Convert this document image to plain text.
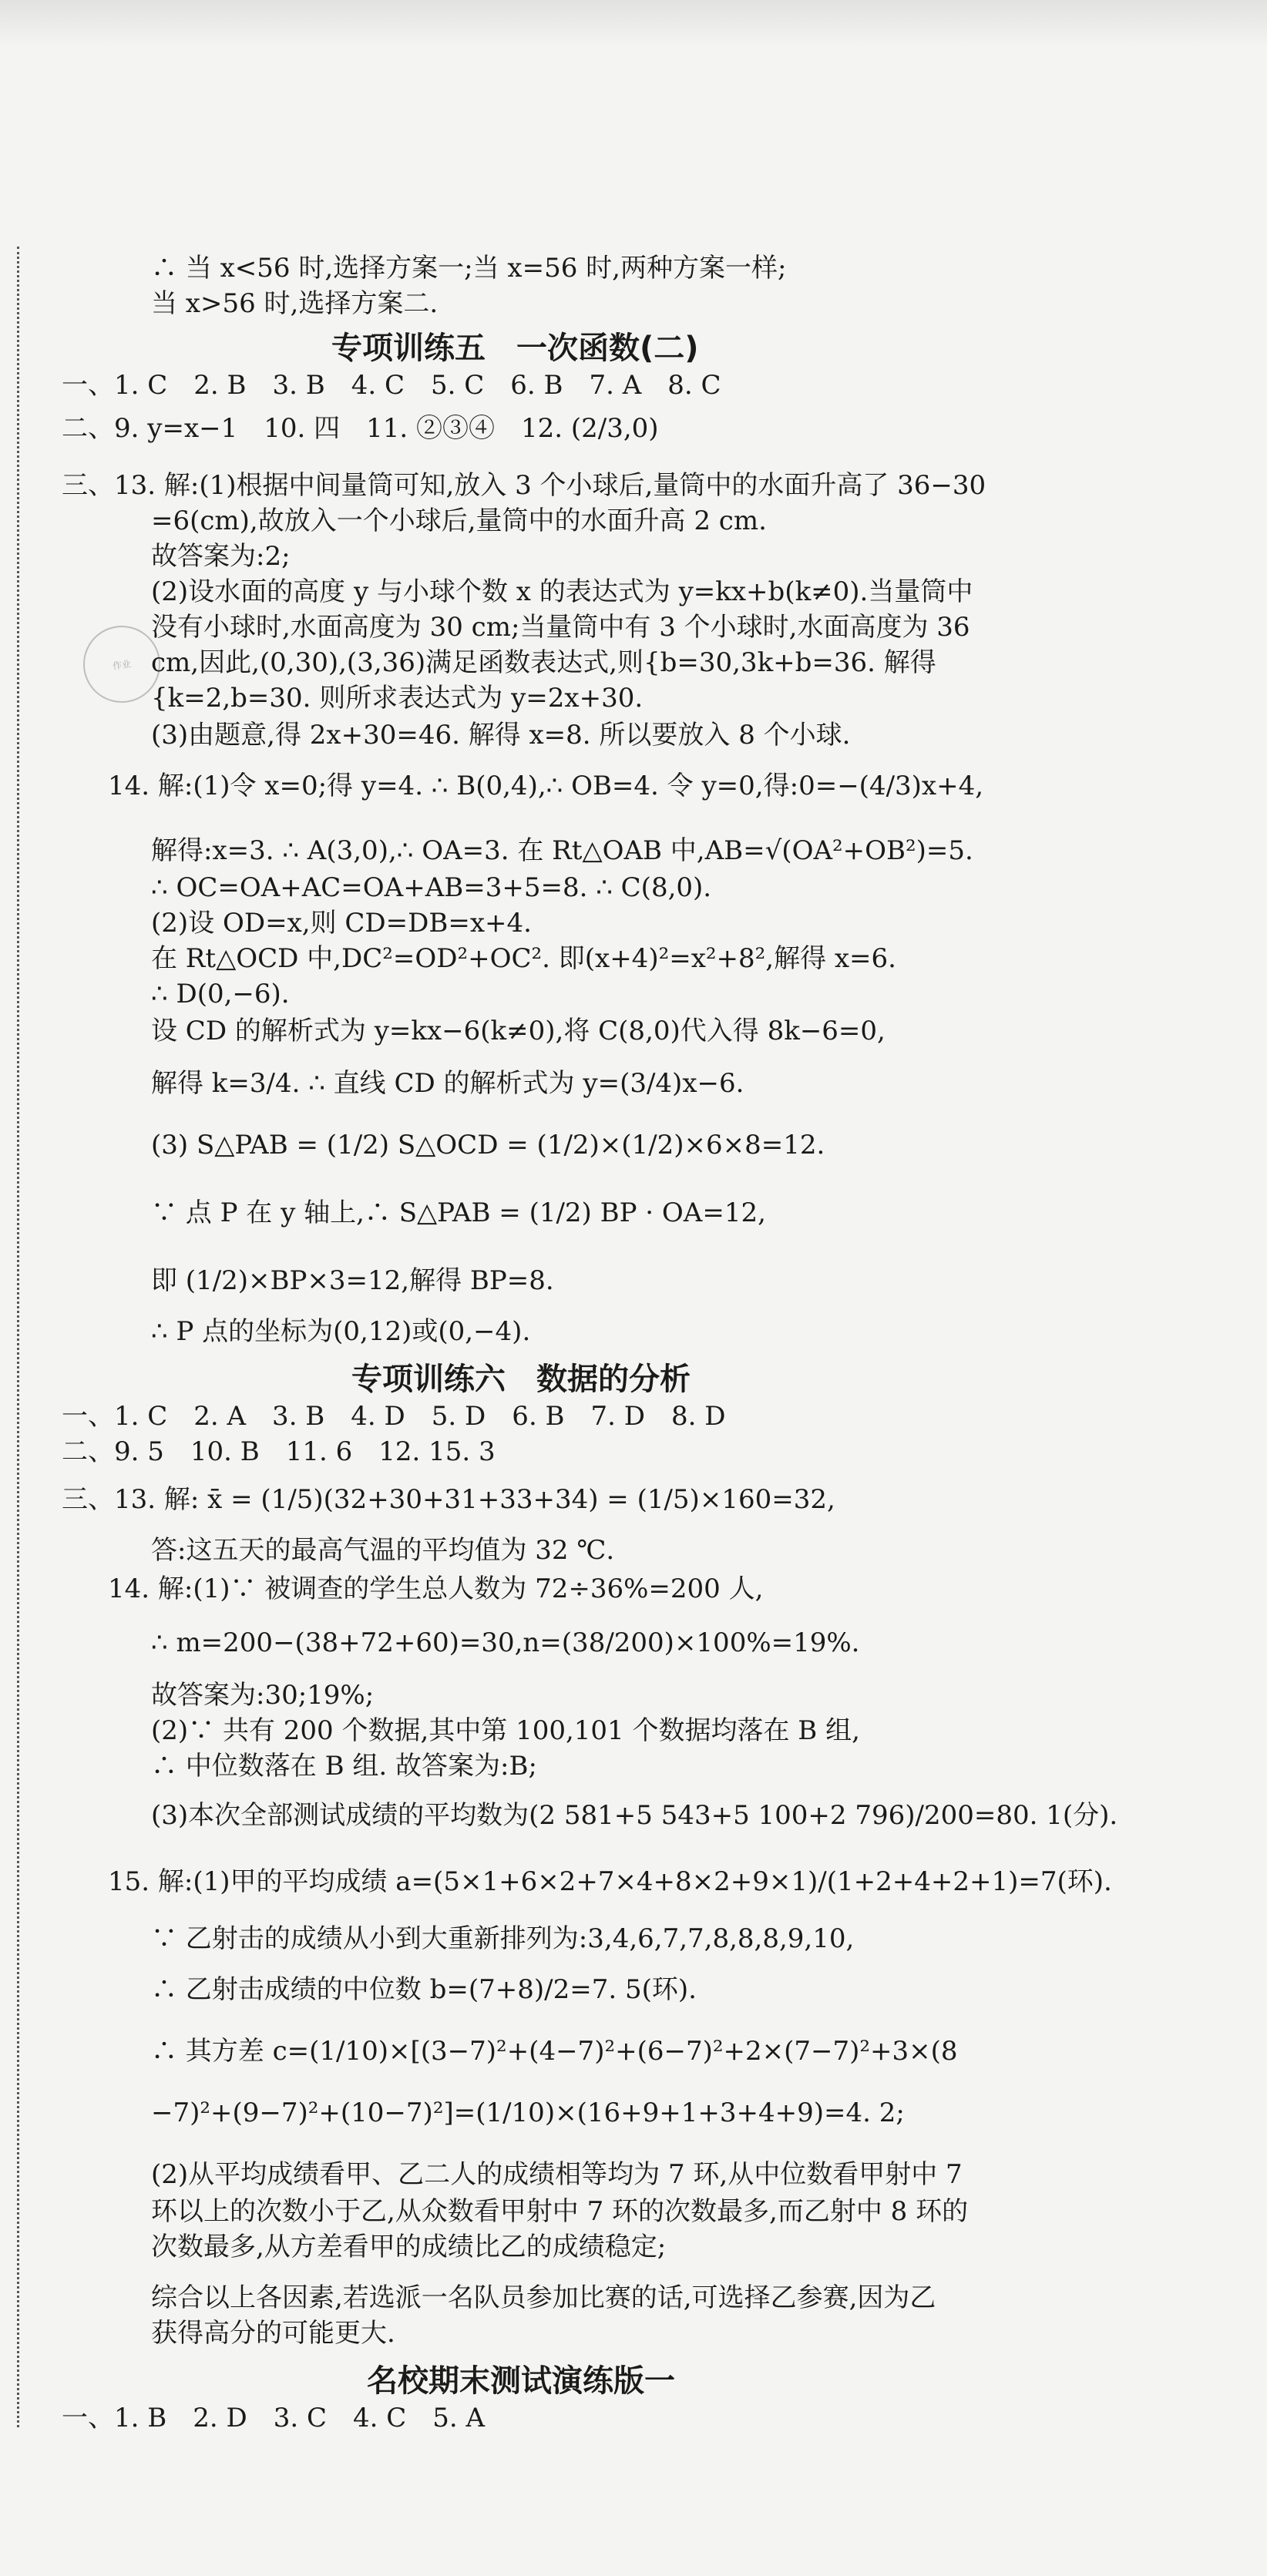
作业
∴ 当 x<56 时,选择方案一;当 x=56 时,两种方案一样;
当 x>56 时,选择方案二.
专项训练五　一次函数(二)
一、1. C　2. B　3. B　4. C　5. C　6. B　7. A　8. C
二、9. y=x−1　10. 四　11. ②③④　12. (2/3,0)
三、13. 解:(1)根据中间量筒可知,放入 3 个小球后,量筒中的水面升高了 36−30
=6(cm),故放入一个小球后,量筒中的水面升高 2 cm.
故答案为:2;
(2)设水面的高度 y 与小球个数 x 的表达式为 y=kx+b(k≠0).当量筒中
没有小球时,水面高度为 30 cm;当量筒中有 3 个小球时,水面高度为 36
cm,因此,(0,30),(3,36)满足函数表达式,则{b=30,3k+b=36. 解得
{k=2,b=30. 则所求表达式为 y=2x+30.
(3)由题意,得 2x+30=46. 解得 x=8. 所以要放入 8 个小球.
14. 解:(1)令 x=0;得 y=4. ∴ B(0,4),∴ OB=4. 令 y=0,得:0=−(4/3)x+4,
解得:x=3. ∴ A(3,0),∴ OA=3. 在 Rt△OAB 中,AB=√(OA²+OB²)=5.
∴ OC=OA+AC=OA+AB=3+5=8. ∴ C(8,0).
(2)设 OD=x,则 CD=DB=x+4.
在 Rt△OCD 中,DC²=OD²+OC². 即(x+4)²=x²+8²,解得 x=6.
∴ D(0,−6).
设 CD 的解析式为 y=kx−6(k≠0),将 C(8,0)代入得 8k−6=0,
解得 k=3/4. ∴ 直线 CD 的解析式为 y=(3/4)x−6.
(3) S△PAB = (1/2) S△OCD = (1/2)×(1/2)×6×8=12.
∵ 点 P 在 y 轴上,∴ S△PAB = (1/2) BP · OA=12,
即 (1/2)×BP×3=12,解得 BP=8.
∴ P 点的坐标为(0,12)或(0,−4).
专项训练六　数据的分析
一、1. C　2. A　3. B　4. D　5. D　6. B　7. D　8. D
二、9. 5　10. B　11. 6　12. 15. 3
三、13. 解: x̄ = (1/5)(32+30+31+33+34) = (1/5)×160=32,
答:这五天的最高气温的平均值为 32 ℃.
14. 解:(1)∵ 被调查的学生总人数为 72÷36%=200 人,
∴ m=200−(38+72+60)=30,n=(38/200)×100%=19%.
故答案为:30;19%;
(2)∵ 共有 200 个数据,其中第 100,101 个数据均落在 B 组,
∴ 中位数落在 B 组. 故答案为:B;
(3)本次全部测试成绩的平均数为(2 581+5 543+5 100+2 796)/200=80. 1(分).
15. 解:(1)甲的平均成绩 a=(5×1+6×2+7×4+8×2+9×1)/(1+2+4+2+1)=7(环).
∵ 乙射击的成绩从小到大重新排列为:3,4,6,7,7,8,8,8,9,10,
∴ 乙射击成绩的中位数 b=(7+8)/2=7. 5(环).
∴ 其方差 c=(1/10)×[(3−7)²+(4−7)²+(6−7)²+2×(7−7)²+3×(8
−7)²+(9−7)²+(10−7)²]=(1/10)×(16+9+1+3+4+9)=4. 2;
(2)从平均成绩看甲、乙二人的成绩相等均为 7 环,从中位数看甲射中 7
环以上的次数小于乙,从众数看甲射中 7 环的次数最多,而乙射中 8 环的
次数最多,从方差看甲的成绩比乙的成绩稳定;
综合以上各因素,若选派一名队员参加比赛的话,可选择乙参赛,因为乙
获得高分的可能更大.
名校期末测试演练版一
一、1. B　2. D　3. C　4. C　5. A
